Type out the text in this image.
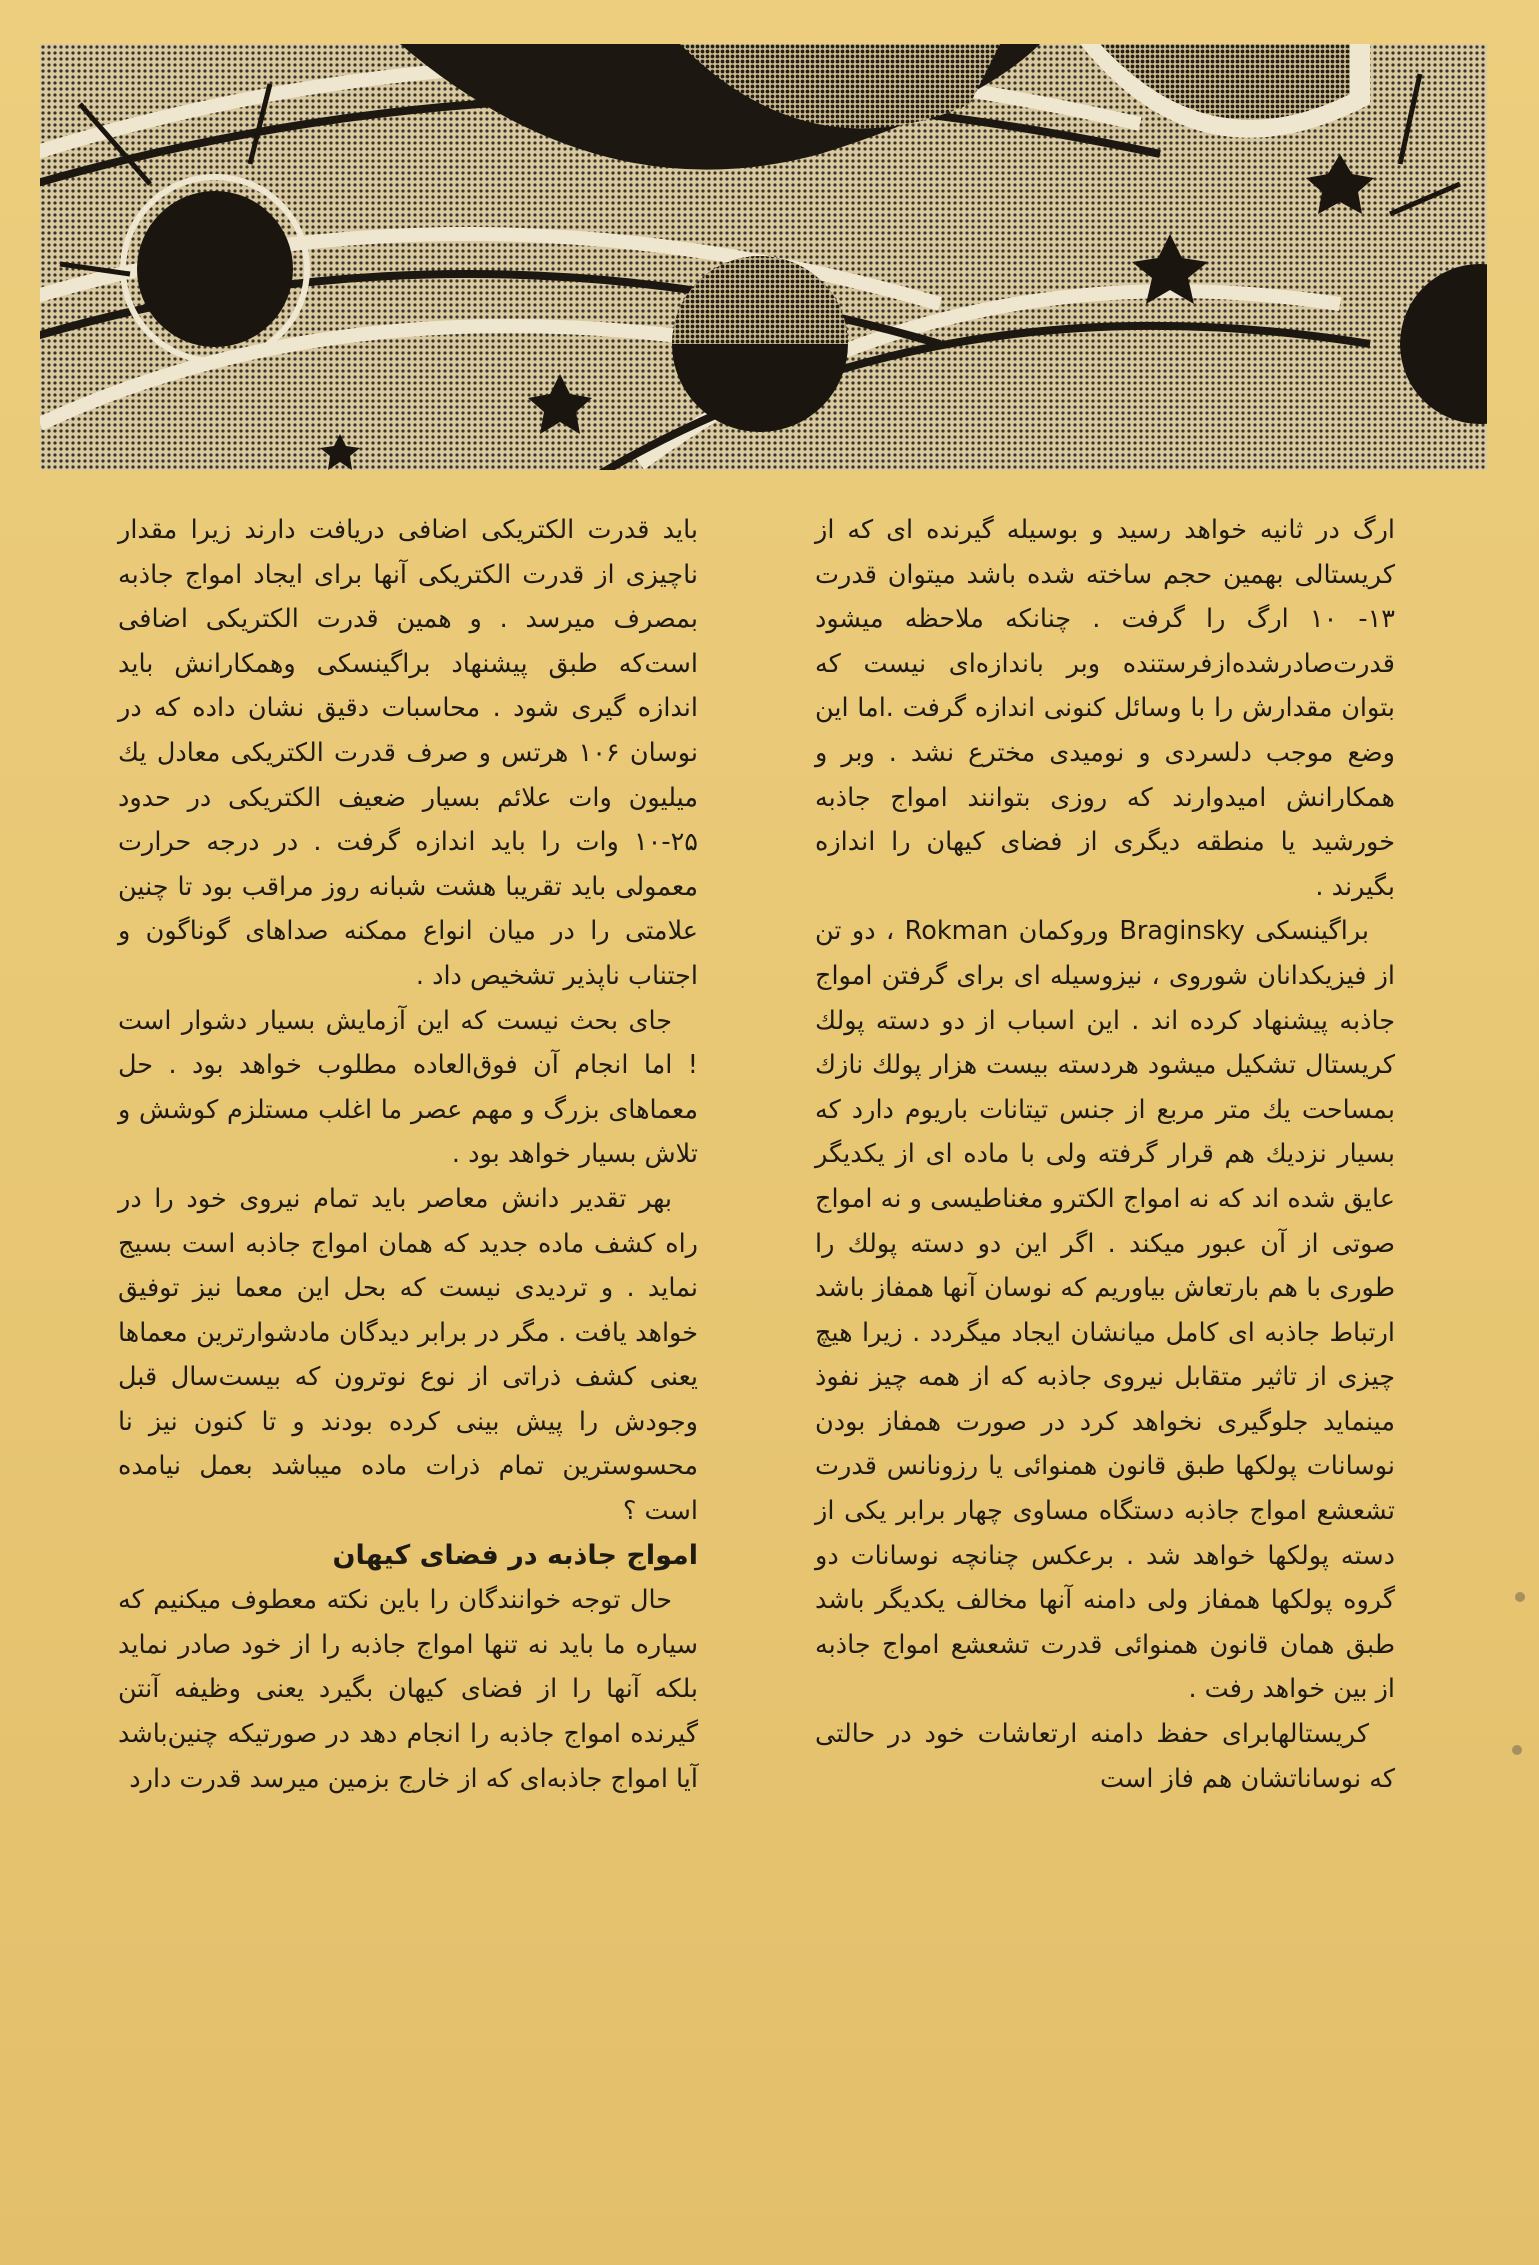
ارگ در ثانیه خواهد رسید و بوسیله گیرنده ای که از کریستالی بهمین حجم ساخته شده باشد میتوان قدرت ۱۳- ۱۰ ارگ را گرفت . چنانکه ملاحظه میشود قدرت‌صادرشده‌از‌فرستنده وبر باندازه‌ای نیست که بتوان مقدارش را با وسائل کنونی اندازه گرفت .اما این وضع موجب دلسردی و نومیدی مخترع نشد . وبر و همکارانش امیدوارند که روزی بتوانند امواج جاذبه خورشید یا منطقه دیگری از فضای کیهان را اندازه بگیرند .

براگینسکی Braginsky وروکمان Rokman ، دو تن از فیزیکدانان شوروی ، نیزوسیله ای برای گرفتن امواج جاذبه پیشنهاد کرده اند . این اسباب از دو دسته پولك کریستال تشکیل میشود هردسته بیست هزار پولك نازك بمساحت یك متر مربع از جنس تیتانات باریوم دارد که بسیار نزدیك هم قرار گرفته ولی با ماده ای از یکدیگر عایق شده اند که نه امواج الکترو مغناطیسی و نه امواج صوتی از آن عبور میکند . اگر این دو دسته پولك را طوری با هم بارتعاش بیاوریم که نوسان آنها همفاز باشد ارتباط جاذبه ای کامل میانشان ایجاد میگردد . زیرا هیچ چیزی از تاثیر متقابل نیروی جاذبه که از همه چیز نفوذ مینماید جلوگیری نخواهد کرد در صورت همفاز بودن نوسانات پولکها طبق قانون همنوائی یا رزونانس قدرت تشعشع امواج جاذبه دستگاه مساوی چهار برابر یکی از دسته پولکها خواهد شد . برعکس چنانچه نوسانات دو گروه پولکها همفاز ولی دامنه آنها مخالف یکدیگر باشد طبق همان قانون همنوائی قدرت تشعشع امواج جاذبه از بین خواهد رفت .

کریستالهابرای حفظ دامنه ارتعاشات خود در حالتی که نوساناتشان هم فاز است

باید قدرت الکتریکی اضافی دریافت دارند زیرا مقدار ناچیزی از قدرت الکتریکی آنها برای ایجاد امواج جاذبه بمصرف میرسد . و همین قدرت الکتریکی اضافی است‌که طبق پیشنهاد براگینسکی وهمکارانش باید اندازه گیری شود . محاسبات دقیق نشان داده که در نوسان ۱۰۶ هرتس و صرف قدرت الکتریکی معادل یك میلیون وات علائم بسیار ضعیف الکتریکی در حدود ۲۵-۱۰ وات را باید اندازه گرفت . در درجه حرارت معمولی باید تقریبا هشت شبانه روز مراقب بود تا چنین علامتی را در میان انواع ممکنه صداهای گوناگون و اجتناب ناپذیر تشخیص داد .

جای بحث نیست که این آزمایش بسیار دشوار است ! اما انجام آن فوق‌العاده مطلوب خواهد بود . حل معماهای بزرگ و مهم عصر ما اغلب مستلزم کوشش و تلاش بسیار خواهد بود .

بهر تقدیر دانش معاصر باید تمام نیروی خود را در راه کشف ماده جدید که همان امواج جاذبه است بسیج نماید . و تردیدی نیست که بحل این معما نیز توفیق خواهد یافت . مگر در برابر دیدگان مادشوارترین معماها یعنی کشف ذراتی از نوع نوترون که بیست‌سال قبل وجودش را پیش بینی کرده بودند و تا کنون نیز نا محسوسترین تمام ذرات ماده میباشد بعمل نیامده است ؟

امواج جاذبه در فضای کیهان

حال توجه خوانندگان را باین نکته معطوف میکنیم که سیاره ما باید نه تنها امواج جاذبه را از خود صادر نماید بلکه آنها را از فضای کیهان بگیرد یعنی وظیفه آنتن گیرنده امواج جاذبه را انجام دهد در صورتیکه چنین‌باشد آیا امواج جاذبه‌ای که از خارج بزمین میرسد قدرت دارد
